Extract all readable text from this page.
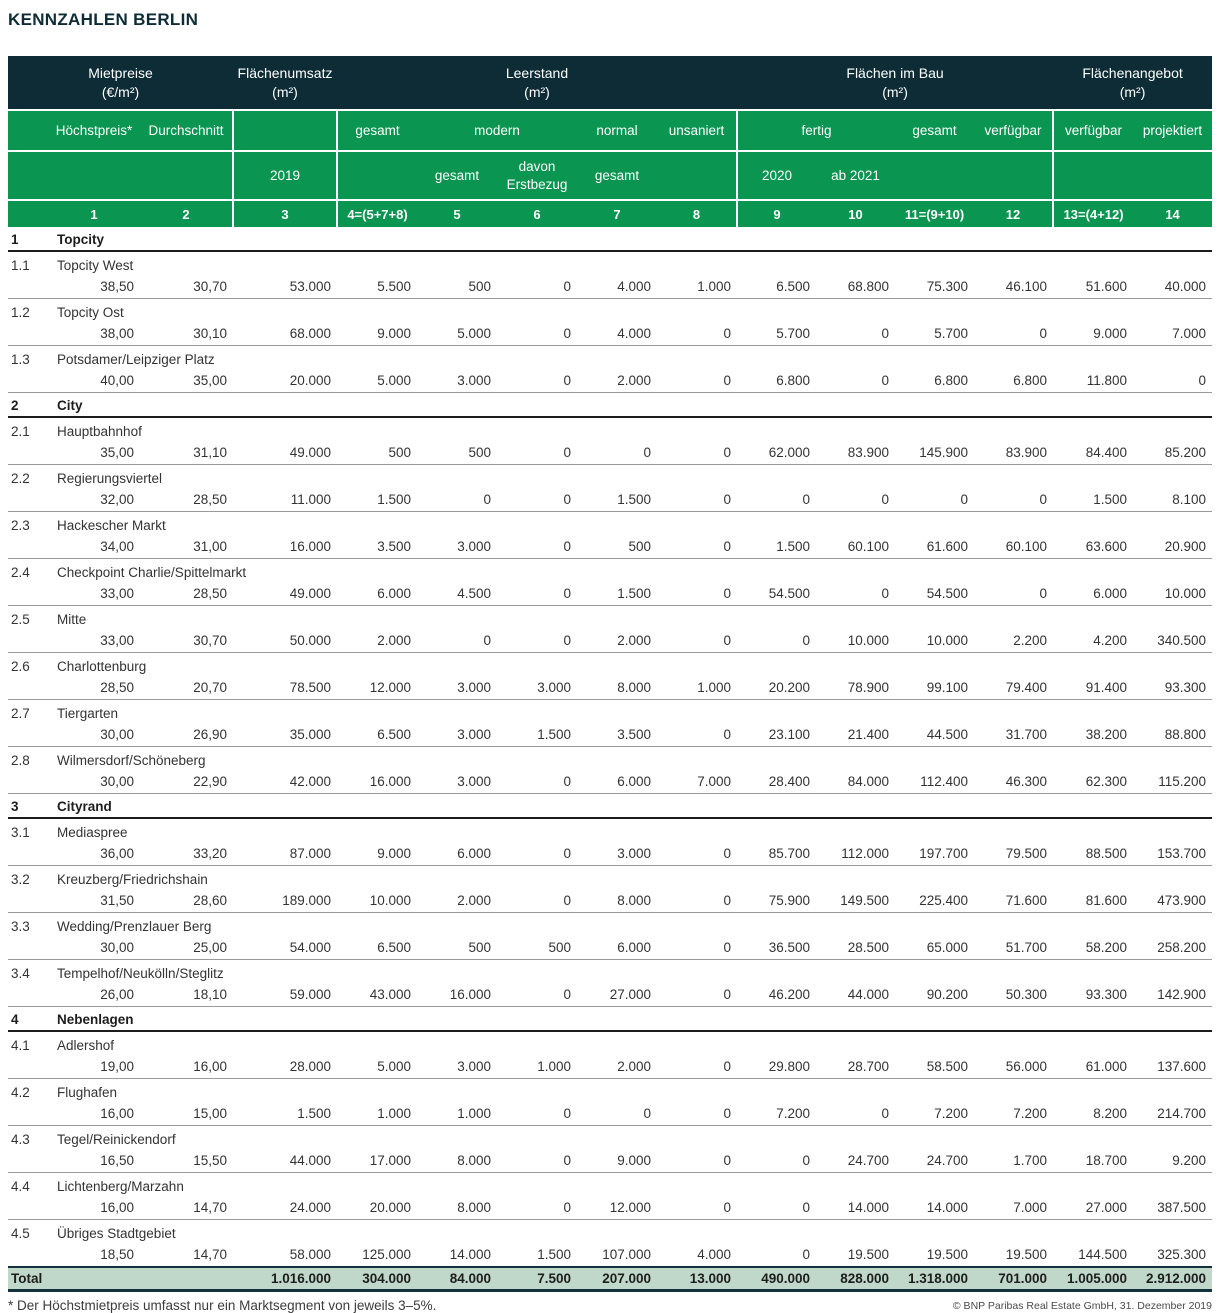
KENNZAHLEN BERLIN
Mietpreise
(€/m²)			Flächenumsatz
(m²)	Leerstand
(m²)					Flächen im Bau
(m²)				Flächenangebot
(m²)	

	Höchstpreis*	Durchschnitt		gesamt	modern		normal	unsaniert	fertig		gesamt	verfügbar	verfügbar	projektiert
			2019		gesamt	davon Erstbezug	gesamt		2020	ab 2021				
	1	2	3	4=(5+7+8)	5	6	7	8	9	10	11=(9+10)	12	13=(4+12)	14
1	Topcity													
1.1	Topcity West													
	38,50	30,70	53.000	5.500	500	0	4.000	1.000	6.500	68.800	75.300	46.100	51.600	40.000
1.2	Topcity Ost													
	38,00	30,10	68.000	9.000	5.000	0	4.000	0	5.700	0	5.700	0	9.000	7.000
1.3	Potsdamer/Leipziger Platz													
	40,00	35,00	20.000	5.000	3.000	0	2.000	0	6.800	0	6.800	6.800	11.800	0
2	City													
2.1	Hauptbahnhof													
	35,00	31,10	49.000	500	500	0	0	0	62.000	83.900	145.900	83.900	84.400	85.200
2.2	Regierungsviertel													
	32,00	28,50	11.000	1.500	0	0	1.500	0	0	0	0	0	1.500	8.100
2.3	Hackescher Markt													
	34,00	31,00	16.000	3.500	3.000	0	500	0	1.500	60.100	61.600	60.100	63.600	20.900
2.4	Checkpoint Charlie/Spittelmarkt													
	33,00	28,50	49.000	6.000	4.500	0	1.500	0	54.500	0	54.500	0	6.000	10.000
2.5	Mitte													
	33,00	30,70	50.000	2.000	0	0	2.000	0	0	10.000	10.000	2.200	4.200	340.500
2.6	Charlottenburg													
	28,50	20,70	78.500	12.000	3.000	3.000	8.000	1.000	20.200	78.900	99.100	79.400	91.400	93.300
2.7	Tiergarten													
	30,00	26,90	35.000	6.500	3.000	1.500	3.500	0	23.100	21.400	44.500	31.700	38.200	88.800
2.8	Wilmersdorf/Schöneberg													
	30,00	22,90	42.000	16.000	3.000	0	6.000	7.000	28.400	84.000	112.400	46.300	62.300	115.200
3	Cityrand													
3.1	Mediaspree													
	36,00	33,20	87.000	9.000	6.000	0	3.000	0	85.700	112.000	197.700	79.500	88.500	153.700
3.2	Kreuzberg/Friedrichshain													
	31,50	28,60	189.000	10.000	2.000	0	8.000	0	75.900	149.500	225.400	71.600	81.600	473.900
3.3	Wedding/Prenzlauer Berg													
	30,00	25,00	54.000	6.500	500	500	6.000	0	36.500	28.500	65.000	51.700	58.200	258.200
3.4	Tempelhof/Neukölln/Steglitz													
	26,00	18,10	59.000	43.000	16.000	0	27.000	0	46.200	44.000	90.200	50.300	93.300	142.900
4	Nebenlagen													
4.1	Adlershof													
	19,00	16,00	28.000	5.000	3.000	1.000	2.000	0	29.800	28.700	58.500	56.000	61.000	137.600
4.2	Flughafen													
	16,00	15,00	1.500	1.000	1.000	0	0	0	7.200	0	7.200	7.200	8.200	214.700
4.3	Tegel/Reinickendorf													
	16,50	15,50	44.000	17.000	8.000	0	9.000	0	0	24.700	24.700	1.700	18.700	9.200
4.4	Lichtenberg/Marzahn													
	16,00	14,70	24.000	20.000	8.000	0	12.000	0	0	14.000	14.000	7.000	27.000	387.500
4.5	Übriges Stadtgebiet													
	18,50	14,70	58.000	125.000	14.000	1.500	107.000	4.000	0	19.500	19.500	19.500	144.500	325.300
Total			1.016.000	304.000	84.000	7.500	207.000	13.000	490.000	828.000	1.318.000	701.000	1.005.000	2.912.000
* Der Höchstmietpreis umfasst nur ein Marktsegment von jeweils 3–5%.	© BNP Paribas Real Estate GmbH, 31. Dezember 2019
